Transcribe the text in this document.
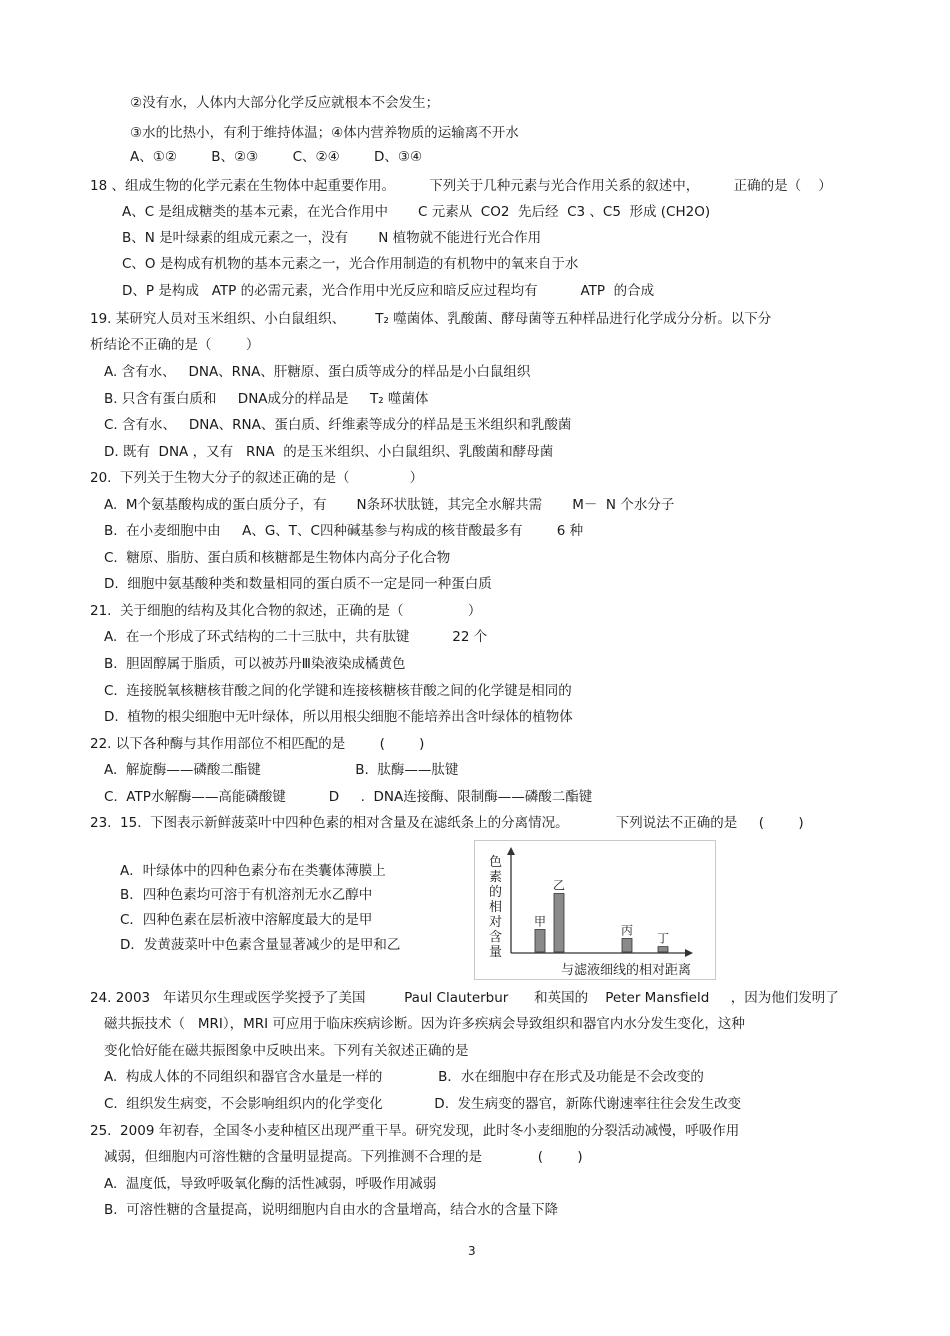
②没有水，人体内大部分化学反应就根本不会发生；
③水的比热小，有利于维持体温；④体内营养物质的运输离不开水
A、①②        B、②③        C、②④        D、③④
18 、组成生物的化学元素在生物体中起重要作用。        下列关于几种元素与光合作用关系的叙述中，        正确的是（    ）
A、C 是组成糖类的基本元素，在光合作用中       C 元素从  CO2  先后经  C3 、C5  形成 (CH2O)
B、N 是叶绿素的组成元素之一，没有       N 植物就不能进行光合作用
C、O 是构成有机物的基本元素之一，光合作用制造的有机物中的氧来自于水
D、P 是构成   ATP 的必需元素，光合作用中光反应和暗反应过程均有          ATP  的合成
19. 某研究人员对玉米组织、小白鼠组织、       T₂ 噬菌体、乳酸菌、酵母菌等五种样品进行化学成分分析。以下分
析结论不正确的是（        ）
A. 含有水、   DNA、RNA、肝糖原、蛋白质等成分的样品是小白鼠组织
B. 只含有蛋白质和     DNA成分的样品是     T₂ 噬菌体
C. 含有水、   DNA、RNA、蛋白质、纤维素等成分的样品是玉米组织和乳酸菌
D. 既有  DNA ，又有   RNA  的是玉米组织、小白鼠组织、乳酸菌和酵母菌
20.  下列关于生物大分子的叙述正确的是（              ）
A.  M个氨基酸构成的蛋白质分子，有       N条环状肽链，其完全水解共需       M－  N 个水分子
B.  在小麦细胞中由     A、G、T、C四种碱基参与构成的核苷酸最多有        6 种
C.  糖原、脂肪、蛋白质和核糖都是生物体内高分子化合物
D.  细胞中氨基酸种类和数量相同的蛋白质不一定是同一种蛋白质
21.  关于细胞的结构及其化合物的叙述，正确的是（               ）
A.  在一个形成了环式结构的二十三肽中，共有肽键          22 个
B.  胆固醇属于脂质，可以被苏丹Ⅲ染液染成橘黄色
C.  连接脱氧核糖核苷酸之间的化学键和连接核糖核苷酸之间的化学键是相同的
D.  植物的根尖细胞中无叶绿体，所以用根尖细胞不能培养出含叶绿体的植物体
22. 以下各种酶与其作用部位不相匹配的是        (        )
A.  解旋酶——磷酸二酯键                      B.  肽酶——肽键
C.  ATP水解酶——高能磷酸键          D     .  DNA连接酶、限制酶——磷酸二酯键
23.  15.  下图表示新鲜菠菜叶中四种色素的相对含量及在滤纸条上的分离情况。           下列说法不正确的是     (        )
A．叶绿体中的四种色素分布在类囊体薄膜上
B．四种色素均可溶于有机溶剂无水乙醇中
C．四种色素在层析液中溶解度最大的是甲
D．发黄菠菜叶中色素含量显著减少的是甲和乙
甲
乙
丙
丁
色素的相对含量
与滤液细线的相对距离
24. 2003   年诺贝尔生理或医学奖授予了美国         Paul Clauterbur      和英国的    Peter Mansfield     ，因为他们发明了
磁共振技术（   MRI），MRI 可应用于临床疾病诊断。因为许多疾病会导致组织和器官内水分发生变化，这种
变化恰好能在磁共振图象中反映出来。下列有关叙述正确的是
A.  构成人体的不同组织和器官含水量是一样的             B．水在细胞中存在形式及功能是不会改变的
C.  组织发生病变，不会影响组织内的化学变化            D.  发生病变的器官，新陈代谢速率往往会发生改变
25.  2009 年初春，全国冬小麦种植区出现严重干旱。研究发现，此时冬小麦细胞的分裂活动减慢，呼吸作用
减弱，但细胞内可溶性糖的含量明显提高。下列推测不合理的是             (        )
A.  温度低，导致呼吸氧化酶的活性减弱，呼吸作用减弱
B.  可溶性糖的含量提高，说明细胞内自由水的含量增高，结合水的含量下降
3
